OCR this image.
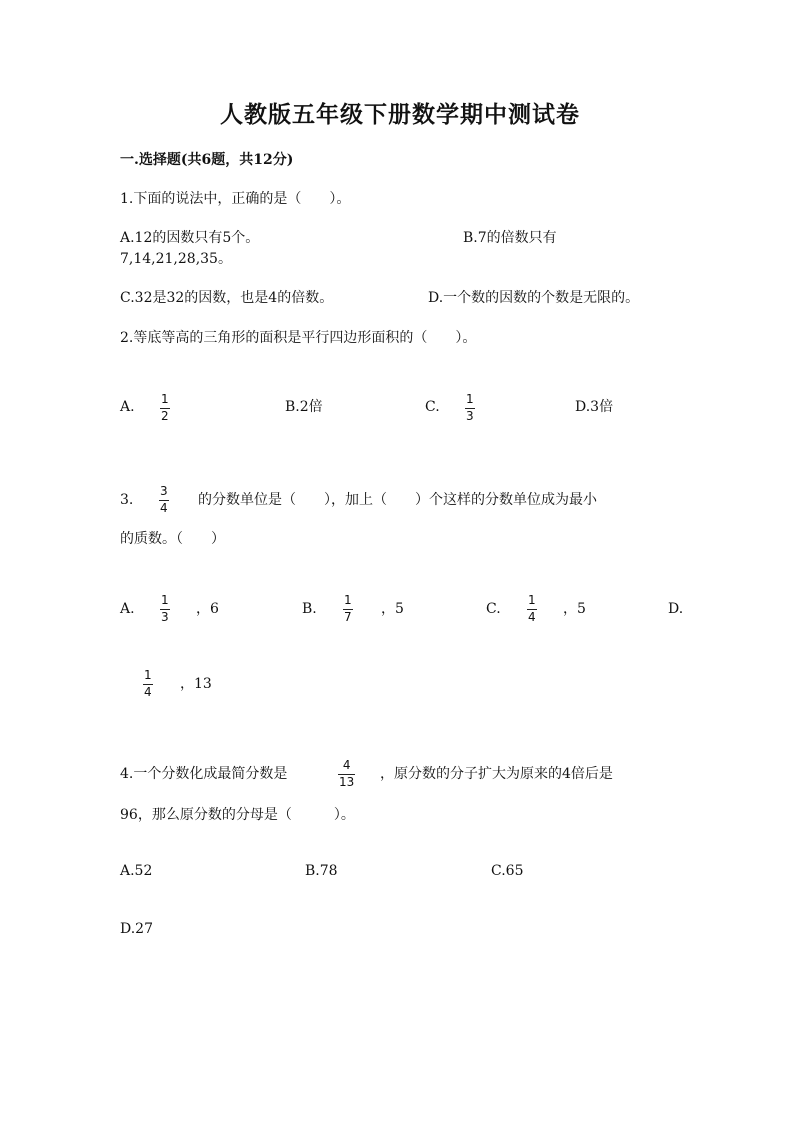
人教版五年级下册数学期中测试卷
一.选择题(共6题，共12分)
1.下面的说法中，正确的是（　　）。
A.12的因数只有5个。	B.7的倍数只有
7,14,21,28,35。
C.32是32的因数，也是4的倍数。	D.一个数的因数的个数是无限的。
2.等底等高的三角形的面积是平行四边形面积的（　　）。
A. 1
2
B.2倍	C. 1
3
D.3倍
3.
3
4 的分数单位是（　　），加上（　　）个这样的分数单位成为最小
的质数。（　　）
A.
1
3 ，6	B.
1
7 ，5	C.
1
4 ，5	D.
1
4 ，13
4.一个分数化成最简分数是
4
13 ，原分数的分子扩大为原来的4倍后是
96，那么原分数的分母是（　　　）。
A.52	B.78	C.65
D.27
